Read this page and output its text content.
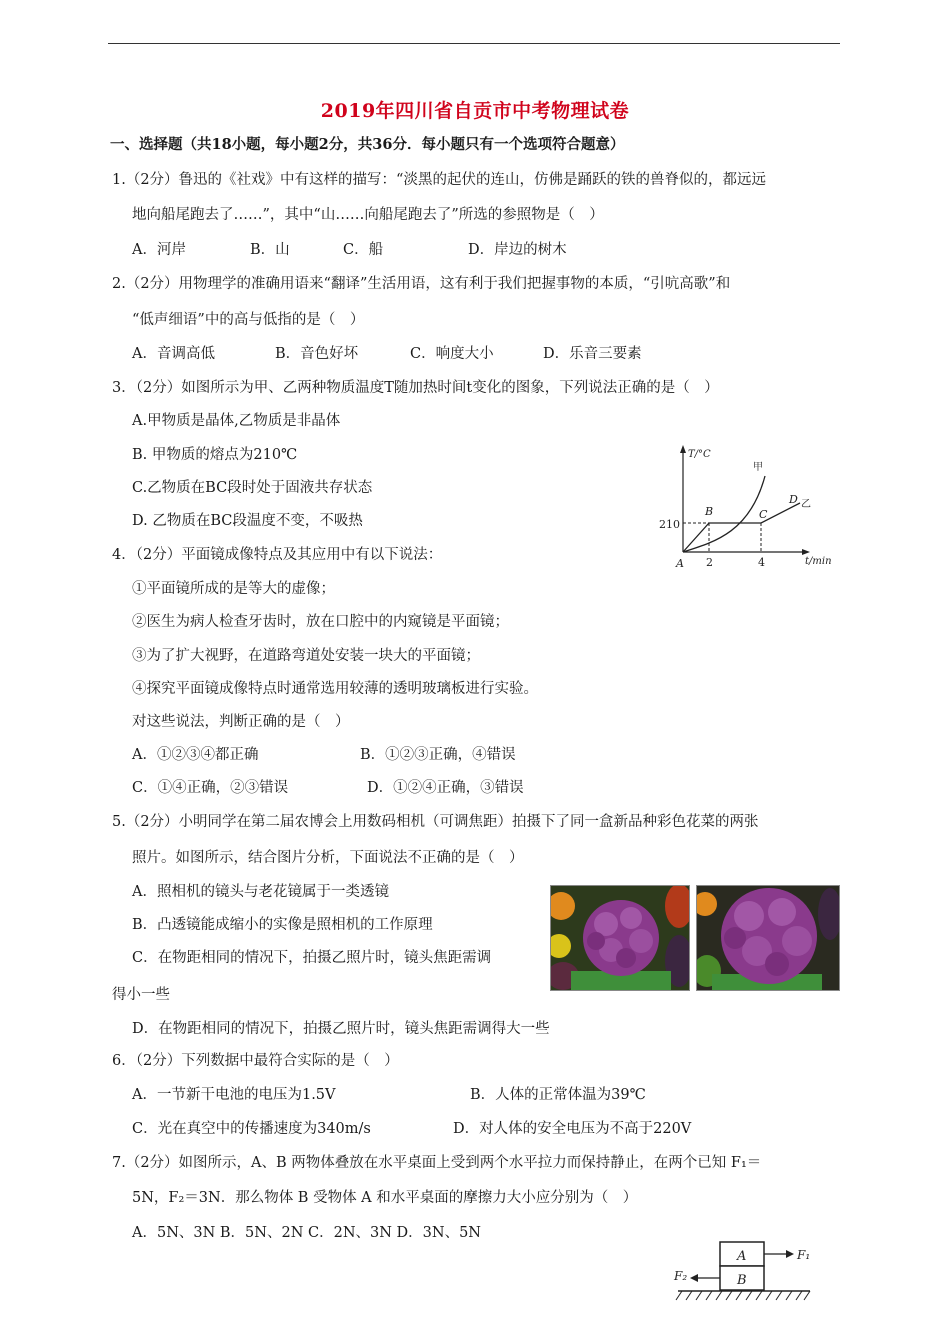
2019年四川省自贡市中考物理试卷
一、选择题（共18小题，每小题2分，共36分．每小题只有一个选项符合题意）
1.（2分）鲁迅的《社戏》中有这样的描写：“淡黑的起伏的连山，仿佛是踊跃的铁的兽脊似的，都远远
地向船尾跑去了……”，其中“山……向船尾跑去了”所选的参照物是（　）
A．河岸	B．山	C．船	D．岸边的树木
2.（2分）用物理学的准确用语来“翻译”生活用语，这有利于我们把握事物的本质，“引吭高歌”和
“低声细语”中的高与低指的是（　）
A．音调高低	B．音色好坏	C．响度大小	D．乐音三要素
3．（2分）如图所示为甲、乙两种物质温度T随加热时间t变化的图象，下列说法正确的是（　）
A.甲物质是晶体,乙物质是非晶体
B. 甲物质的熔点为210℃
C.乙物质在BC段时处于固液共存状态
D. 乙物质在BC段温度不变，不吸热
T/°C
t/min
210
2	4
A
B	C
D
甲
乙
4．（2分）平面镜成像特点及其应用中有以下说法：
①平面镜所成的是等大的虚像；
②医生为病人检查牙齿时，放在口腔中的内窥镜是平面镜；
③为了扩大视野，在道路弯道处安装一块大的平面镜；
④探究平面镜成像特点时通常选用较薄的透明玻璃板进行实验。
对这些说法，判断正确的是（　）
A．①②③④都正确	B．①②③正确，④错误
C．①④正确，②③错误	D．①②④正确，③错误
5.（2分）小明同学在第二届农博会上用数码相机（可调焦距）拍摄下了同一盒新品种彩色花菜的两张
照片。如图所示，结合图片分析，下面说法不正确的是（　）
A．照相机的镜头与老花镜属于一类透镜
B．凸透镜能成缩小的实像是照相机的工作原理
C．在物距相同的情况下，拍摄乙照片时，镜头焦距需调
得小一些
D．在物距相同的情况下，拍摄乙照片时，镜头焦距需调得大一些
6．（2分）下列数据中最符合实际的是（　）
A．一节新干电池的电压为1.5V	B．人体的正常体温为39℃
C．光在真空中的传播速度为340m/s	D．对人体的安全电压为不高于220V
7.（2分）如图所示，A、B 两物体叠放在水平桌面上受到两个水平拉力而保持静止，在两个已知 F₁＝
5N，F₂＝3N．那么物体 B 受物体 A 和水平桌面的摩擦力大小应分别为（　）
A．5N、3N B．5N、2N C．2N、3N D．3N、5N
A
B
F₁
F₂
